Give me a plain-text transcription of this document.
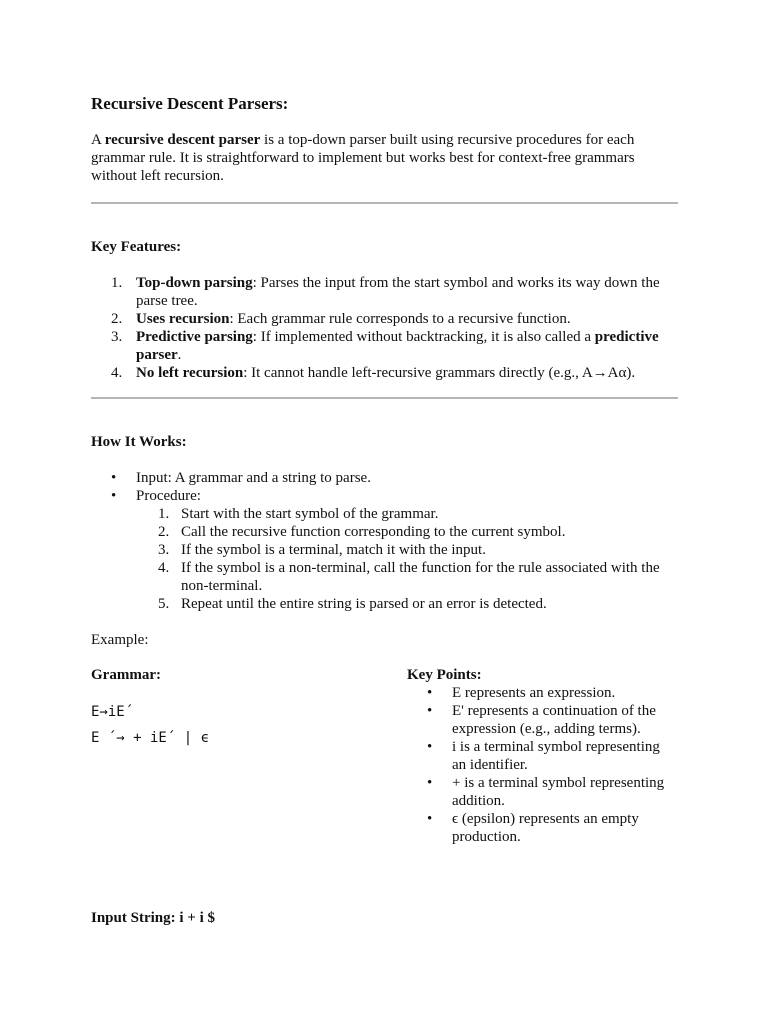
Recursive Descent Parsers:

A recursive descent parser is a top-down parser built using recursive procedures for each grammar rule. It is straightforward to implement but works best for context-free grammars without left recursion.

Key Features:
1. Top-down parsing: Parses the input from the start symbol and works its way down the parse tree.
2. Uses recursion: Each grammar rule corresponds to a recursive function.
3. Predictive parsing: If implemented without backtracking, it is also called a predictive parser.
4. No left recursion: It cannot handle left-recursive grammars directly (e.g., A→Aα).
How It Works:
• Input: A grammar and a string to parse.
• Procedure:
1. Start with the start symbol of the grammar.
2. Call the recursive function corresponding to the current symbol.
3. If the symbol is a terminal, match it with the input.
4. If the symbol is a non-terminal, call the function for the rule associated with the non-terminal.
5. Repeat until the entire string is parsed or an error is detected.

Example:

Grammar:

E→iE´

E ´→ + iE´ | ϵ

Key Points:

• E represents an expression.
• E' represents a continuation of the expression (e.g., adding terms).
• i is a terminal symbol representing an identifier.
• + is a terminal symbol representing addition.
• ϵ (epsilon) represents an empty production.

Input String: i + i $
